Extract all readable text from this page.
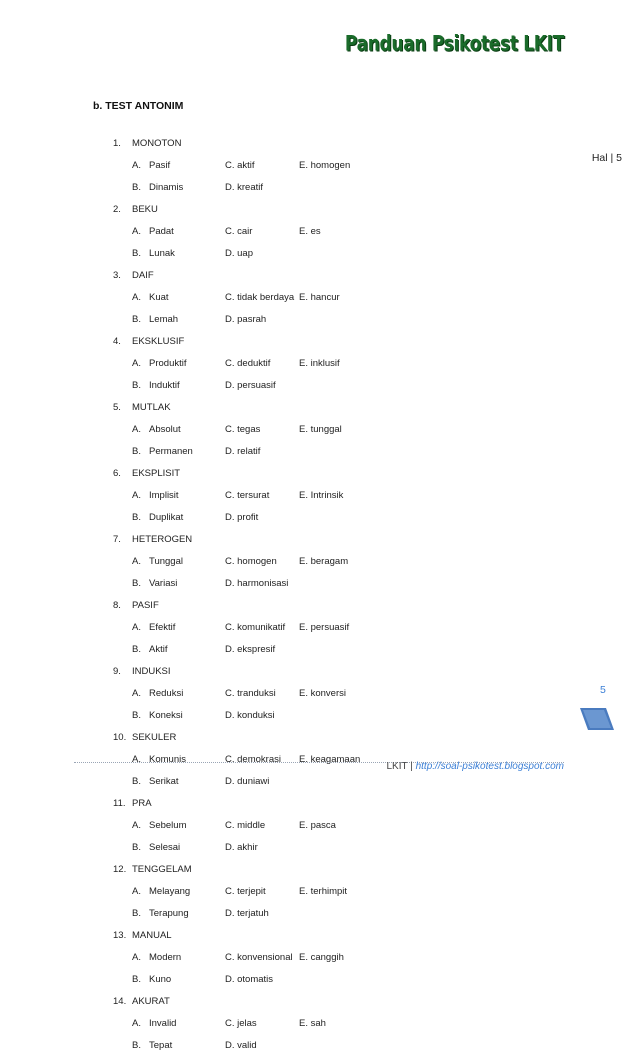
Panduan Psikotest LKIT
b. TEST ANTONIM
Hal | 5
1. MONOTON
A. Pasif	C. aktif	E. homogen
B. Dinamis	D. kreatif
2. BEKU
A. Padat	C. cair	E. es
B. Lunak	D. uap
3. DAIF
A. Kuat	C. tidak berdaya E. hancur
B. Lemah	D. pasrah
4. EKSKLUSIF
A. Produktif	C. deduktif	E. inklusif
B. Induktif	D. persuasif
5. MUTLAK
A. Absolut	C. tegas	E. tunggal
B. Permanen	D. relatif
6. EKSPLISIT
A. Implisit	C. tersurat	E. Intrinsik
B. Duplikat	D. profit
7. HETEROGEN
A. Tunggal	C. homogen E. beragam
B. Variasi	D. harmonisasi
8. PASIF
A. Efektif	C. komunikatif E. persuasif
B. Aktif	D. ekspresif
9. INDUKSI
A. Reduksi	C. tranduksi E. konversi
B. Koneksi	D. konduksi
10. SEKULER
A. Komunis	C. demokrasi E. keagamaan
B. Serikat	D. duniawi
11. PRA
A. Sebelum	C. middle	E. pasca
B. Selesai	D. akhir
12. TENGGELAM
A. Melayang	C. terjepit	E. terhimpit
B. Terapung	D. terjatuh
13. MANUAL
A. Modern	C. konvensional E. canggih
B. Kuno	D. otomatis
14. AKURAT
A. Invalid	C. jelas	E. sah
B. Tepat	D. valid
5
LKIT | http://soal-psikotest.blogspot.com
